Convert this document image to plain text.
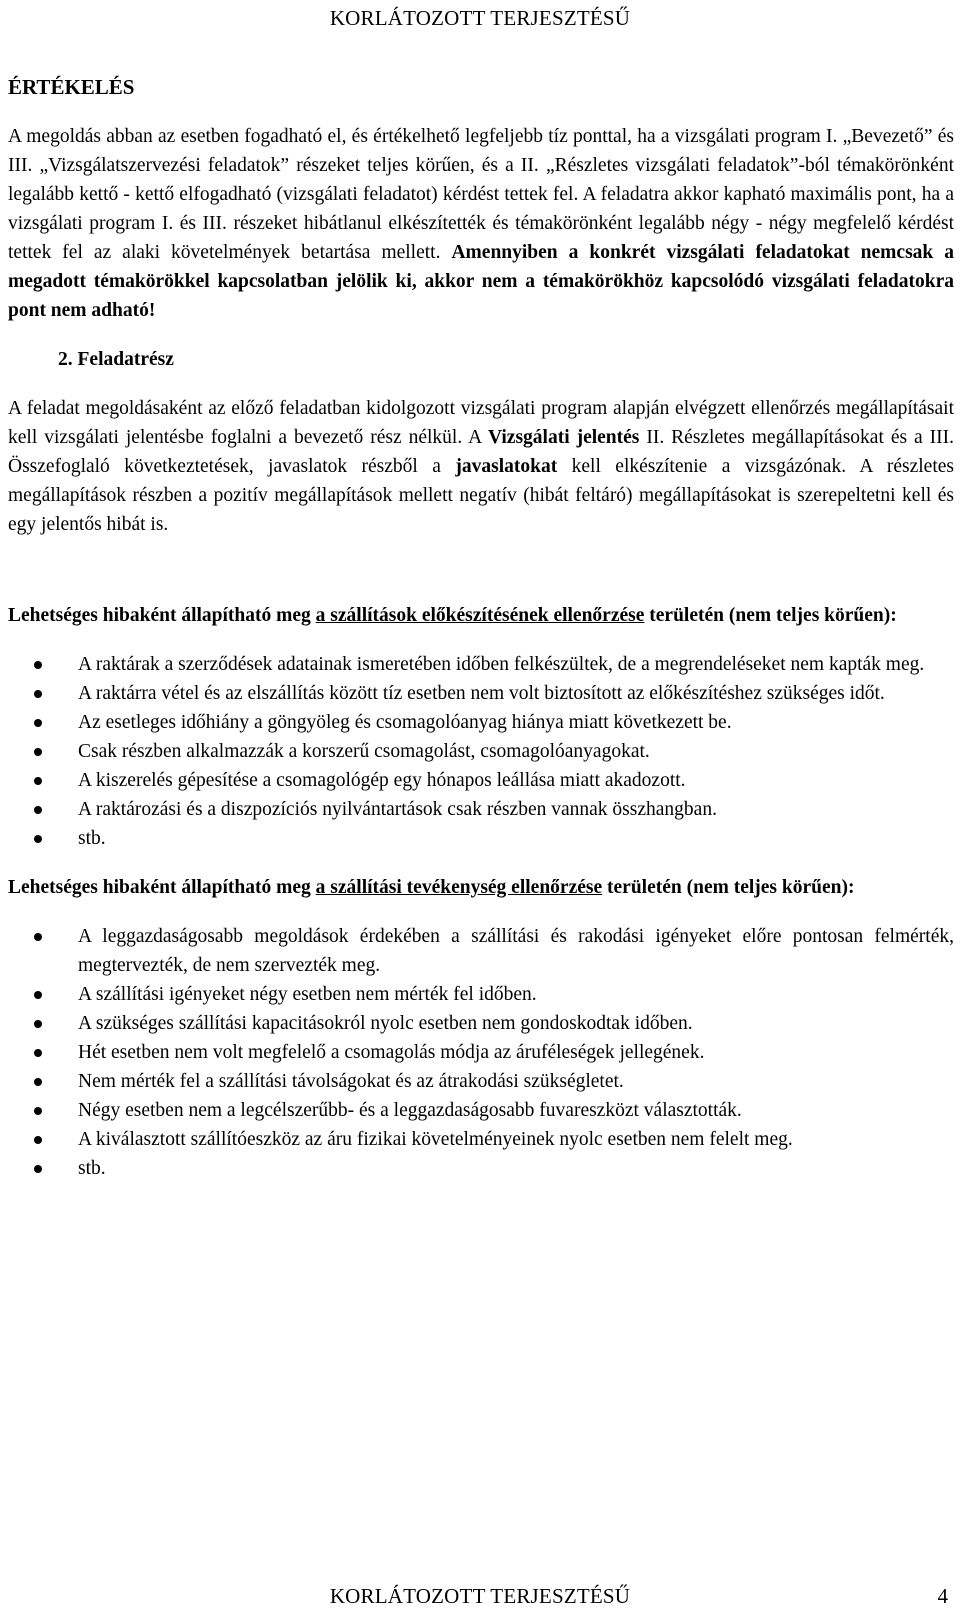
KORLÁTOZOTT TERJESZTÉSŰ
ÉRTÉKELÉS

A megoldás abban az esetben fogadható el, és értékelhető legfeljebb tíz ponttal, ha a vizsgálati program I. „Bevezető” és III. „Vizsgálatszervezési feladatok” részeket teljes körűen, és a II. „Részletes vizsgálati feladatok”-ból témakörönként legalább kettő - kettő elfogadható (vizsgálati feladatot) kérdést tettek fel. A feladatra akkor kapható maximális pont, ha a vizsgálati program I. és III. részeket hibátlanul elkészítették és témakörönként legalább négy - négy megfelelő kérdést tettek fel az alaki követelmények betartása mellett. Amennyiben a konkrét vizsgálati feladatokat nemcsak a megadott témakörökkel kapcsolatban jelölik ki, akkor nem a témakörökhöz kapcsolódó vizsgálati feladatokra pont nem adható!

2. Feladatrész

A feladat megoldásaként az előző feladatban kidolgozott vizsgálati program alapján elvégzett ellenőrzés megállapításait kell vizsgálati jelentésbe foglalni a bevezető rész nélkül. A Vizsgálati jelentés II. Részletes megállapításokat és a III. Összefoglaló következtetések, javaslatok részből a javaslatokat kell elkészítenie a vizsgázónak. A részletes megállapítások részben a pozitív megállapítások mellett negatív (hibát feltáró) megállapításokat is szerepeltetni kell és egy jelentős hibát is.

Lehetséges hibaként állapítható meg a szállítások előkészítésének ellenőrzése területén (nem teljes körűen):

A raktárak a szerződések adatainak ismeretében időben felkészültek, de a megrendeléseket nem kapták meg.
A raktárra vétel és az elszállítás között tíz esetben nem volt biztosított az előkészítéshez szükséges időt.
Az esetleges időhiány a göngyöleg és csomagolóanyag hiánya miatt következett be.
Csak részben alkalmazzák a korszerű csomagolást, csomagolóanyagokat.
A kiszerelés gépesítése a csomagológép egy hónapos leállása miatt akadozott.
A raktározási és a diszpozíciós nyilvántartások csak részben vannak összhangban.
stb.

Lehetséges hibaként állapítható meg a szállítási tevékenység ellenőrzése területén (nem teljes körűen):

A leggazdaságosabb megoldások érdekében a szállítási és rakodási igényeket előre pontosan felmérték, megtervezték, de nem szervezték meg.
A szállítási igényeket négy esetben nem mérték fel időben.
A szükséges szállítási kapacitásokról nyolc esetben nem gondoskodtak időben.
Hét esetben nem volt megfelelő a csomagolás módja az áruféleségek jellegének.
Nem mérték fel a szállítási távolságokat és az átrakodási szükségletet.
Négy esetben nem a legcélszerűbb- és a leggazdaságosabb fuvareszközt választották.
A kiválasztott szállítóeszköz az áru fizikai követelményeinek nyolc esetben nem felelt meg.
stb.
KORLÁTOZOTT TERJESZTÉSŰ	4
